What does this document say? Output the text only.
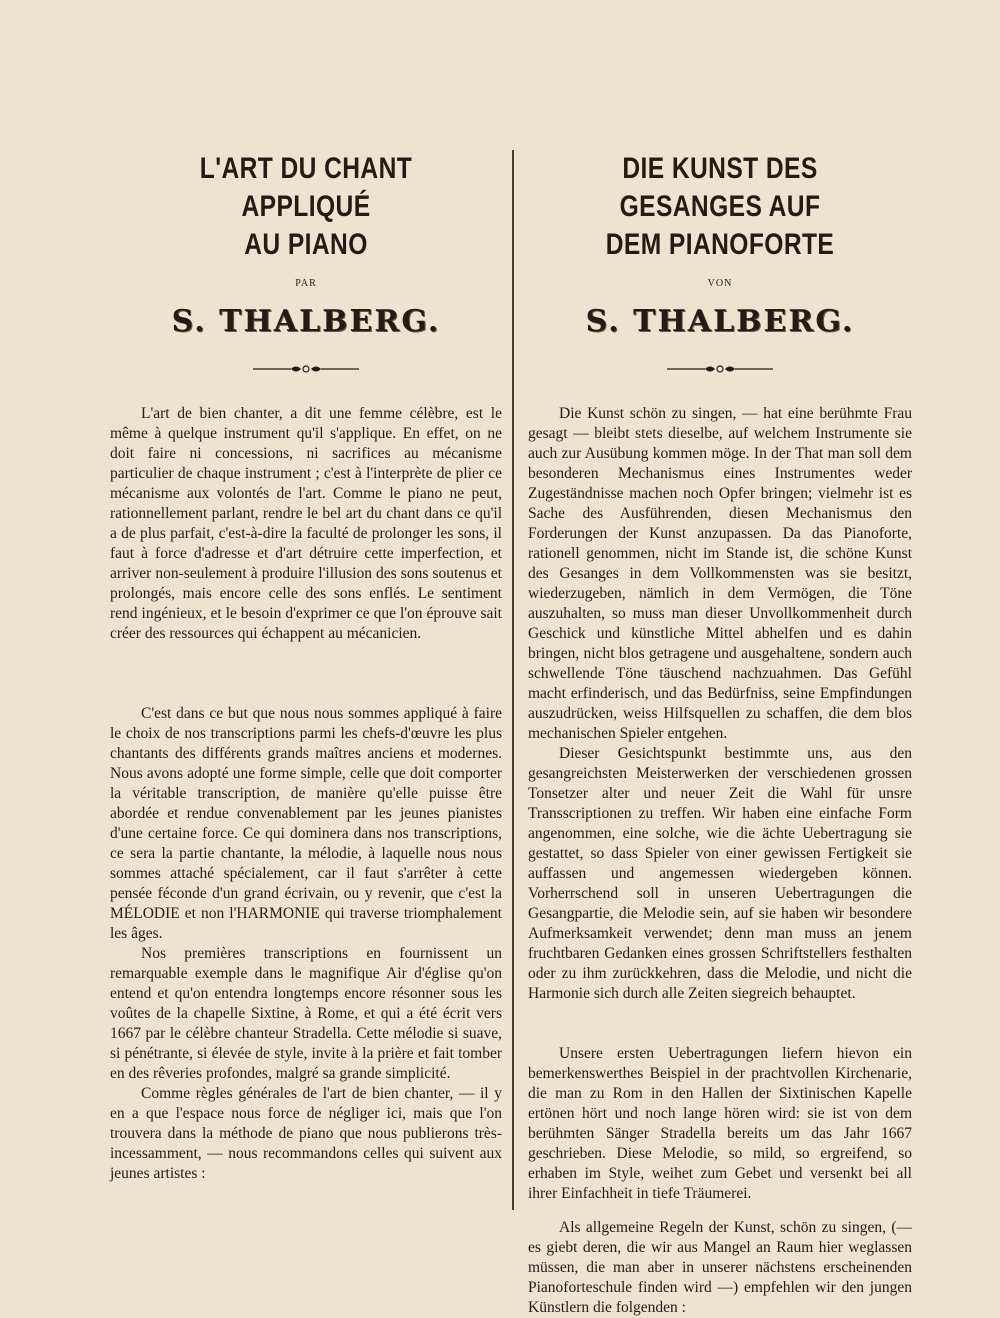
L'ART DU CHANT APPLIQUÉ
AU PIANO
PAR
S. THALBERG.

L'art de bien chanter, a dit une femme célèbre, est le même à quelque instrument qu'il s'applique. En effet, on ne doit faire ni concessions, ni sacrifices au mécanisme particulier de chaque instrument ; c'est à l'interprète de plier ce mécanisme aux volontés de l'art. Comme le piano ne peut, rationnellement parlant, rendre le bel art du chant dans ce qu'il a de plus parfait, c'est-à-dire la faculté de prolonger les sons, il faut à force d'adresse et d'art détruire cette imperfection, et arriver non-seulement à produire l'illusion des sons soutenus et prolongés, mais encore celle des sons enflés. Le sentiment rend ingénieux, et le besoin d'exprimer ce que l'on éprouve sait créer des ressources qui échappent au mécanicien.

C'est dans ce but que nous nous sommes appliqué à faire le choix de nos transcriptions parmi les chefs-d'œuvre les plus chantants des différents grands maîtres anciens et modernes. Nous avons adopté une forme simple, celle que doit comporter la véritable transcription, de manière qu'elle puisse être abordée et rendue convenablement par les jeunes pianistes d'une certaine force. Ce qui dominera dans nos transcriptions, ce sera la partie chantante, la mélodie, à laquelle nous nous sommes attaché spécialement, car il faut s'arrêter à cette pensée féconde d'un grand écrivain, ou y revenir, que c'est la MÉLODIE et non l'HARMONIE qui traverse triomphalement les âges.

Nos premières transcriptions en fournissent un remarquable exemple dans le magnifique Air d'église qu'on entend et qu'on entendra longtemps encore résonner sous les voûtes de la chapelle Sixtine, à Rome, et qui a été écrit vers 1667 par le célèbre chanteur Stradella. Cette mélodie si suave, si pénétrante, si élevée de style, invite à la prière et fait tomber en des rêveries profondes, malgré sa grande simplicité.

Comme règles générales de l'art de bien chanter, — il y en a que l'espace nous force de négliger ici, mais que l'on trouvera dans la méthode de piano que nous publierons très-incessamment, — nous recommandons celles qui suivent aux jeunes artistes :

DIE KUNST DES GESANGES AUF
DEM PIANOFORTE
VON
S. THALBERG.

Die Kunst schön zu singen, — hat eine berühmte Frau gesagt — bleibt stets dieselbe, auf welchem Instrumente sie auch zur Ausübung kommen möge. In der That man soll dem besonderen Mechanismus eines Instrumentes weder Zugeständnisse machen noch Opfer bringen; vielmehr ist es Sache des Ausführenden, diesen Mechanismus den Forderungen der Kunst anzupassen. Da das Pianoforte, rationell genommen, nicht im Stande ist, die schöne Kunst des Gesanges in dem Vollkommensten was sie besitzt, wiederzugeben, nämlich in dem Vermögen, die Töne auszuhalten, so muss man dieser Unvollkommenheit durch Geschick und künstliche Mittel abhelfen und es dahin bringen, nicht blos getragene und ausgehaltene, sondern auch schwellende Töne täuschend nachzuahmen. Das Gefühl macht erfinderisch, und das Bedürfniss, seine Empfindungen auszudrücken, weiss Hilfsquellen zu schaffen, die dem blos mechanischen Spieler entgehen.

Dieser Gesichtspunkt bestimmte uns, aus den gesangreichsten Meisterwerken der verschiedenen grossen Tonsetzer alter und neuer Zeit die Wahl für unsre Transscriptionen zu treffen. Wir haben eine einfache Form angenommen, eine solche, wie die ächte Uebertragung sie gestattet, so dass Spieler von einer gewissen Fertigkeit sie auffassen und angemessen wiedergeben können. Vorherrschend soll in unseren Uebertragungen die Gesangpartie, die Melodie sein, auf sie haben wir besondere Aufmerksamkeit verwendet; denn man muss an jenem fruchtbaren Gedanken eines grossen Schriftstellers festhalten oder zu ihm zurückkehren, dass die Melodie, und nicht die Harmonie sich durch alle Zeiten siegreich behauptet.

Unsere ersten Uebertragungen liefern hievon ein bemerkenswerthes Beispiel in der prachtvollen Kirchenarie, die man zu Rom in den Hallen der Sixtinischen Kapelle ertönen hört und noch lange hören wird: sie ist von dem berühmten Sänger Stradella bereits um das Jahr 1667 geschrieben. Diese Melodie, so mild, so ergreifend, so erhaben im Style, weihet zum Gebet und versenkt bei all ihrer Einfachheit in tiefe Träumerei.

Als allgemeine Regeln der Kunst, schön zu singen, (— es giebt deren, die wir aus Mangel an Raum hier weglassen müssen, die man aber in unserer nächstens erscheinenden Pianoforteschule finden wird —) empfehlen wir den jungen Künstlern die folgenden :
